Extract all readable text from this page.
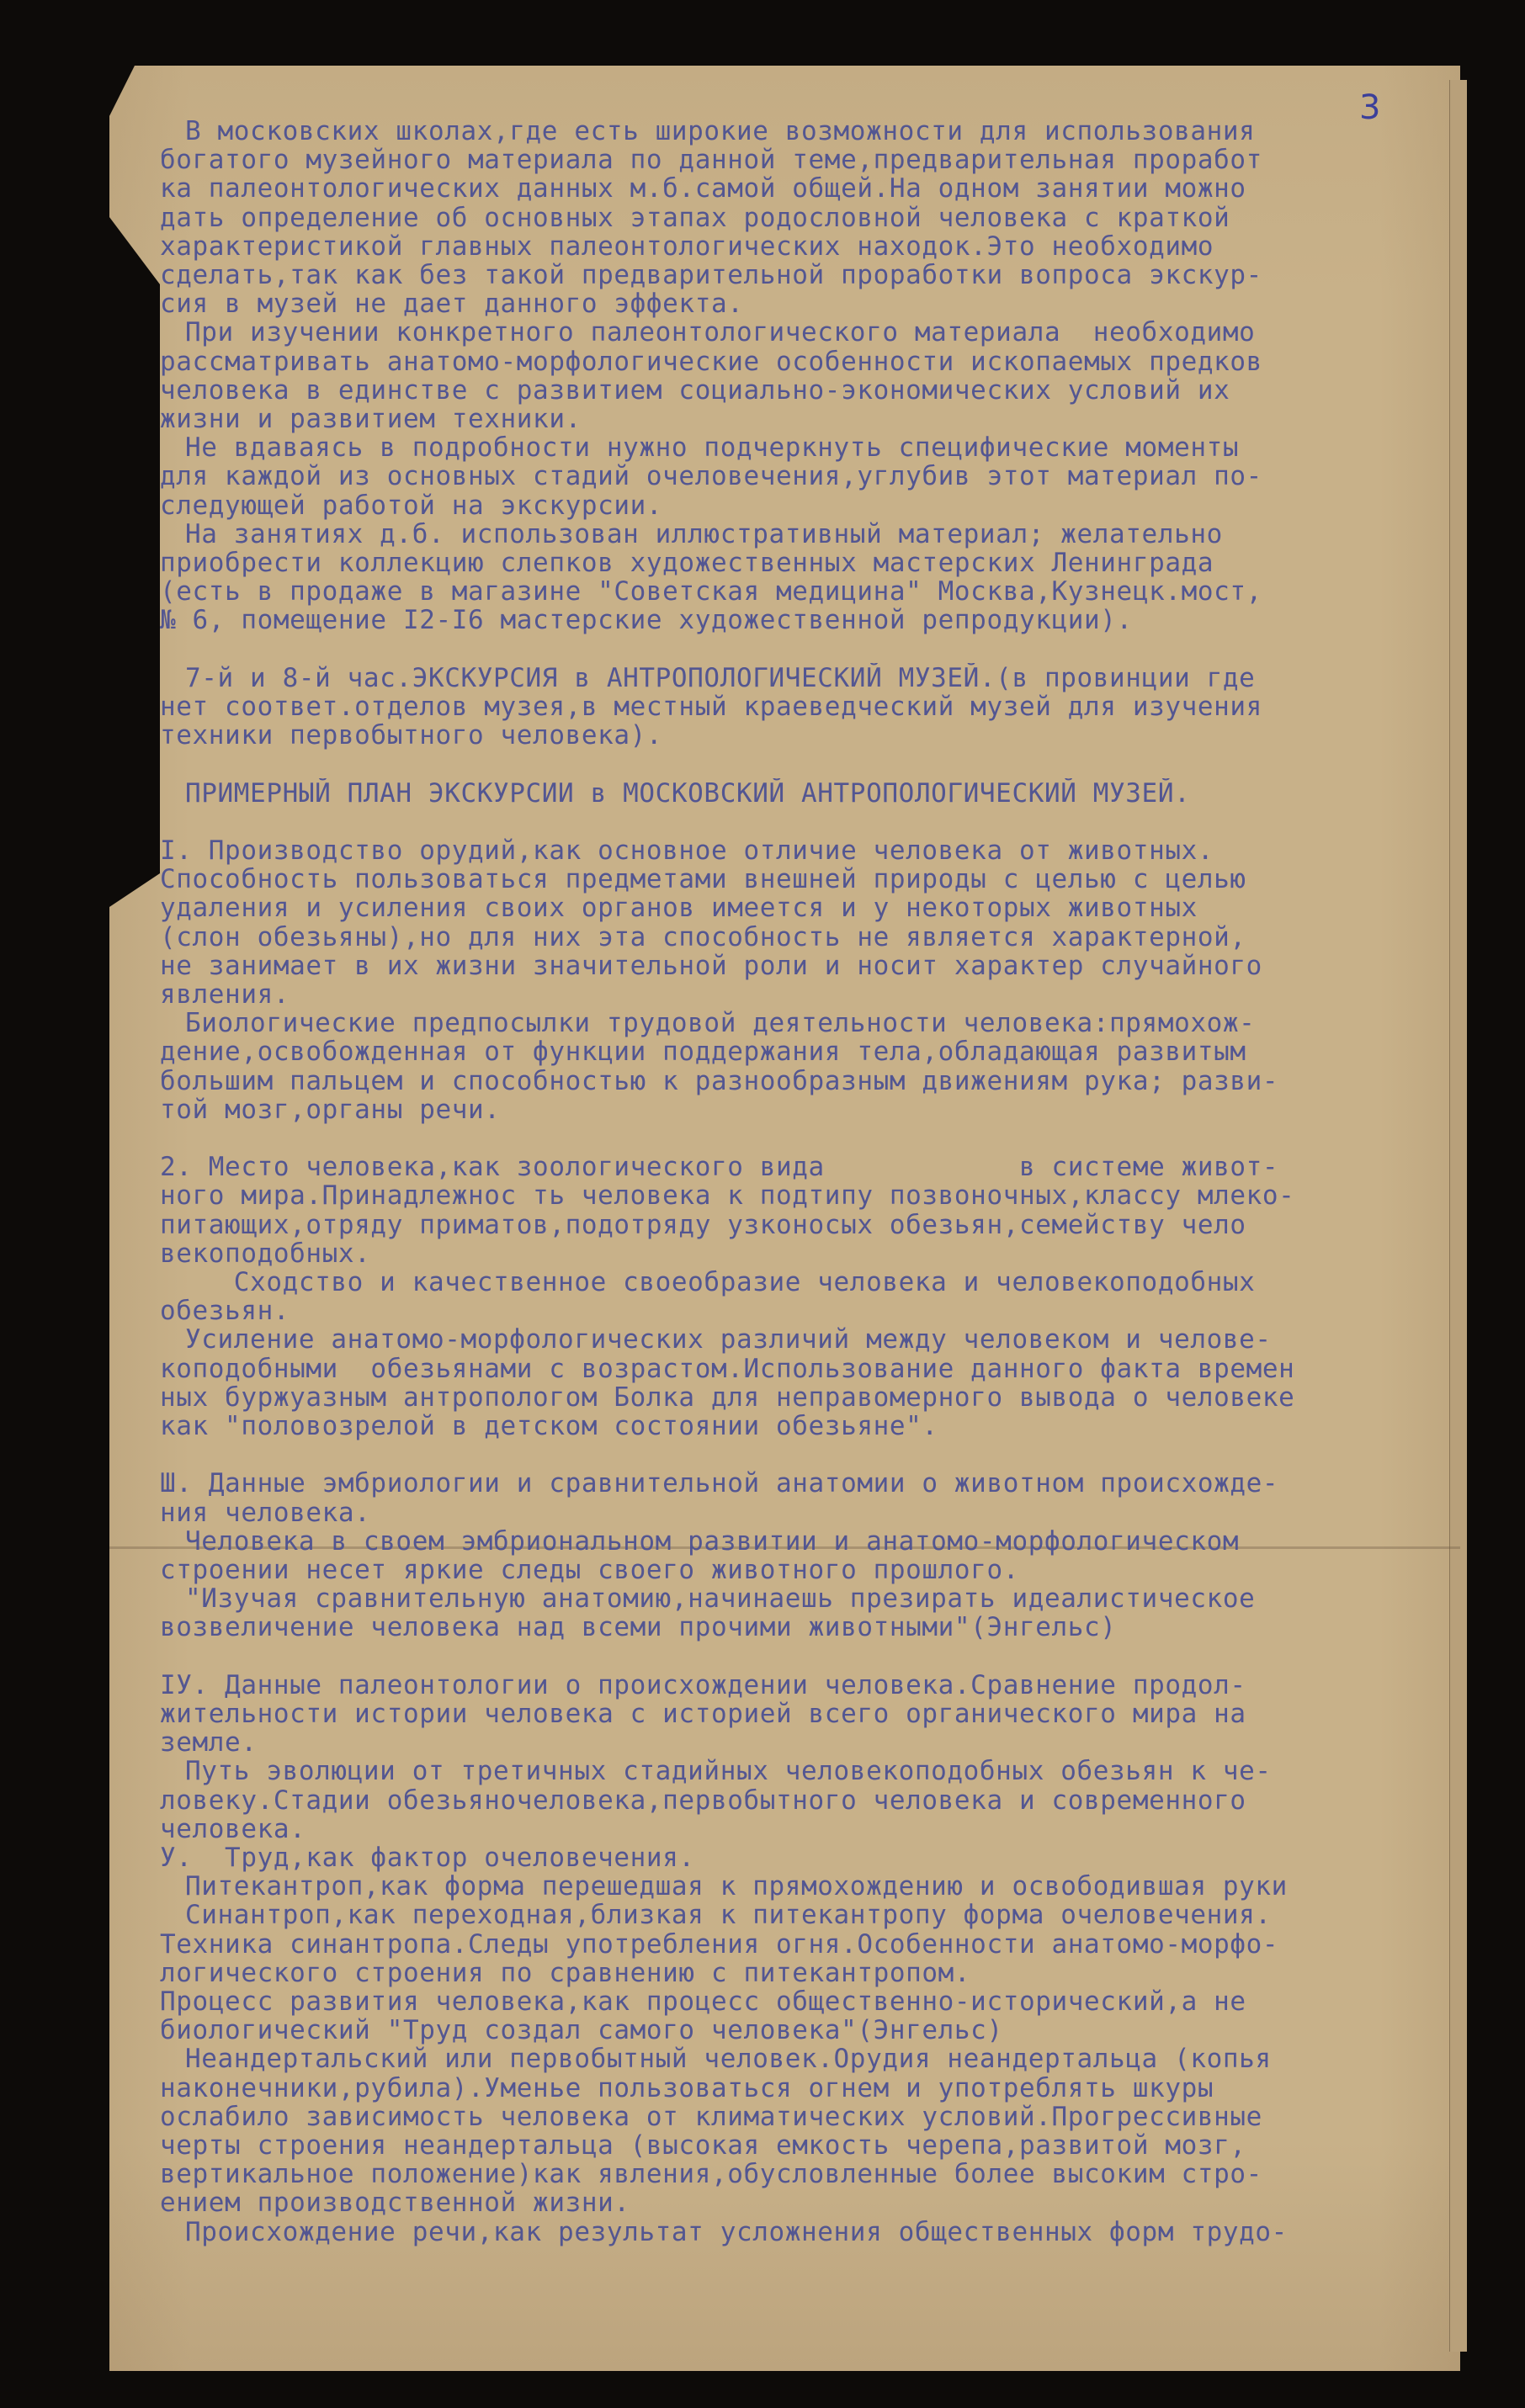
3
В московских школах,где есть широкие возможности для использования
богатого музейного материала по данной теме,предварительная проработ
ка палеонтологических данных м.б.самой общей.На одном занятии можно
дать определение об основных этапах родословной человека с краткой
характеристикой главных палеонтологических находок.Это необходимо
сделать,так как без такой предварительной проработки вопроса экскур-
сия в музей не дает данного эффекта.
При изучении конкретного палеонтологического материала  необходимо
рассматривать анатомо-морфологические особенности ископаемых предков
человека в единстве с развитием социально-экономических условий их
жизни и развитием техники.
Не вдаваясь в подробности нужно подчеркнуть специфические моменты
для каждой из основных стадий очеловечения,углубив этот материал по-
следующей работой на экскурсии.
На занятиях д.б. использован иллюстративный материал; желательно
приобрести коллекцию слепков художественных мастерских Ленинграда
(есть в продаже в магазине "Советская медицина" Москва,Кузнецк.мост,
№ 6, помещение I2-I6 мастерские художественной репродукции).
7-й и 8-й час.ЭКСКУРСИЯ в АНТРОПОЛОГИЧЕСКИЙ МУЗЕЙ.(в провинции где
нет соответ.отделов музея,в местный краеведческий музей для изучения
техники первобытного человека).
ПРИМЕРНЫЙ ПЛАН ЭКСКУРСИИ в МОСКОВСКИЙ АНТРОПОЛОГИЧЕСКИЙ МУЗЕЙ.
I. Производство орудий,как основное отличие человека от животных.
Способность пользоваться предметами внешней природы с целью с целью
удаления и усиления своих органов имеется и у некоторых животных
(слон обезьяны),но для них эта способность не является характерной,
не занимает в их жизни значительной роли и носит характер случайного
явления.
Биологические предпосылки трудовой деятельности человека:прямохож-
дение,освобожденная от функции поддержания тела,обладающая развитым
большим пальцем и способностью к разнообразным движениям рука; разви-
той мозг,органы речи.
2. Место человека,как зоологического вида            в системе живот-
ного мира.Принадлежнос ть человека к подтипу позвоночных,классу млеко-
питающих,отряду приматов,подотряду узконосых обезьян,семейству чело
векоподобных.
Сходство и качественное своеобразие человека и человекоподобных
обезьян.
Усиление анатомо-морфологических различий между человеком и челове-
коподобными  обезьянами с возрастом.Использование данного факта времен
ных буржуазным антропологом Болка для неправомерного вывода о человеке
как "половозрелой в детском состоянии обезьяне".
Ш. Данные эмбриологии и сравнительной анатомии о животном происхожде-
ния человека.
Человека в своем эмбриональном развитии и анатомо-морфологическом
строении несет яркие следы своего животного прошлого.
"Изучая сравнительную анатомию,начинаешь презирать идеалистическое
возвеличение человека над всеми прочими животными"(Энгельс)
IУ. Данные палеонтологии о происхождении человека.Сравнение продол-
жительности истории человека с историей всего органического мира на
земле.
Путь эволюции от третичных стадийных человекоподобных обезьян к че-
ловеку.Стадии обезьяночеловека,первобытного человека и современного
человека.
У.  Труд,как фактор очеловечения.
Питекантроп,как форма перешедшая к прямохождению и освободившая руки
Синантроп,как переходная,близкая к питекантропу форма очеловечения.
Техника синантропа.Следы употребления огня.Особенности анатомо-морфо-
логического строения по сравнению с питекантропом.
Процесс развития человека,как процесс общественно-исторический,а не
биологический "Труд создал самого человека"(Энгельс)
Неандертальский или первобытный человек.Орудия неандертальца (копья
наконечники,рубила).Уменье пользоваться огнем и употреблять шкуры
ослабило зависимость человека от климатических условий.Прогрессивные
черты строения неандертальца (высокая емкость черепа,развитой мозг,
вертикальное положение)как явления,обусловленные более высоким стро-
ением производственной жизни.
Происхождение речи,как результат усложнения общественных форм трудо-
